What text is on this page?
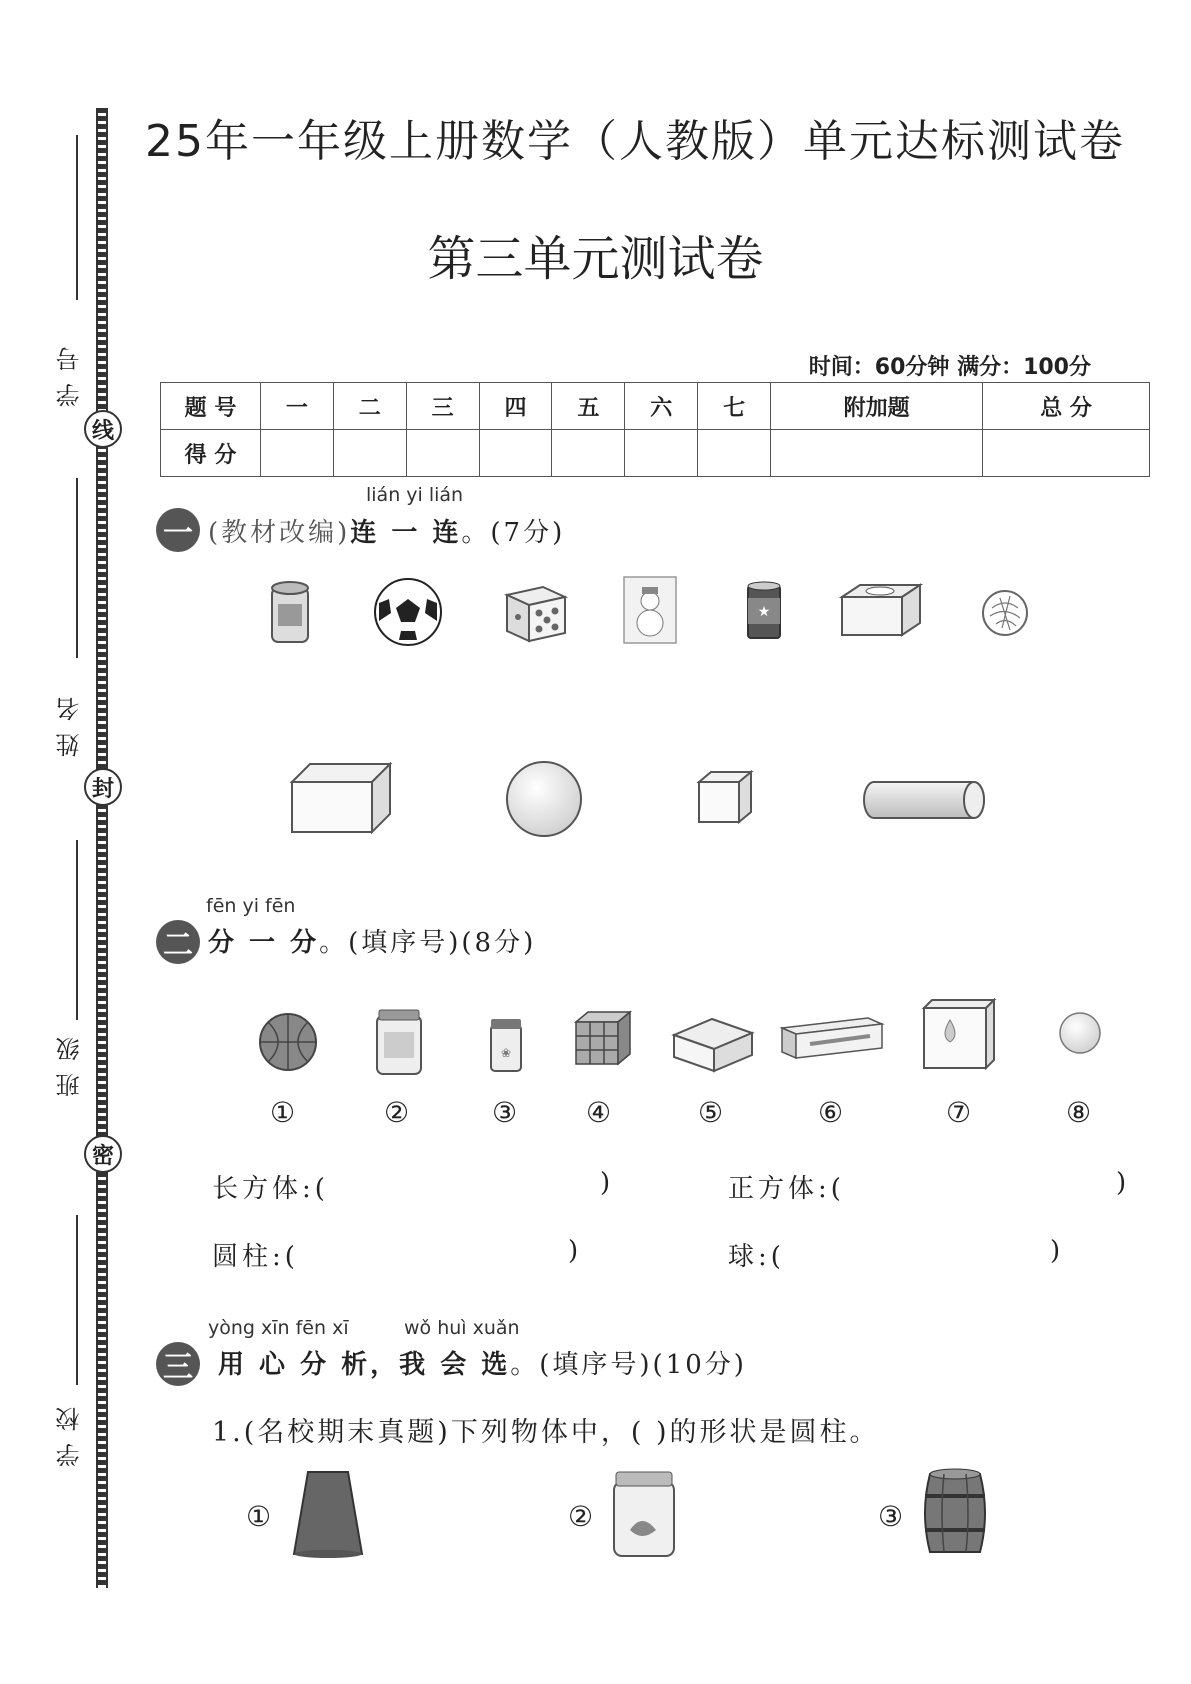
线
封
密
学号
姓名
班级
学校
25年一年级上册数学（人教版）单元达标测试卷
第三单元测试卷
时间：60分钟 满分：100分
题 号	一	二	三	四	五	六	七	附加题	总 分
得 分									
lián yi lián
一 (教材改编)连 一 连。(7分)
★
fēn yi fēn
二 分 一 分。(填序号)(8分)
❀
①	②	③ ④	⑤	⑥	⑦	⑧
长方体:(	)	正方体:(	)
圆柱:(	)	球:(	)
yòng xīn fēn xī	wǒ huì xuǎn
三 用 心 分 析，我 会 选。(填序号)(10分)
1.(名校期末真题)下列物体中，( )的形状是圆柱。
①	②	③
